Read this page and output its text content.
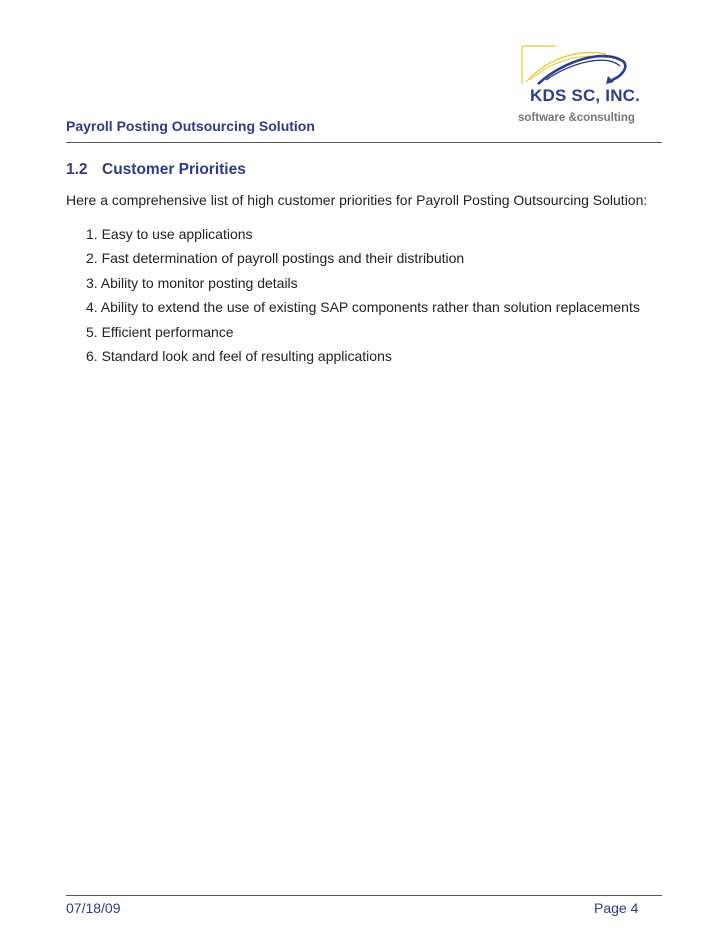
KDS SC, INC.
software &consulting
Payroll Posting Outsourcing Solution
1.2 Customer Priorities
Here a comprehensive list of high customer priorities for Payroll Posting Outsourcing Solution:
1. Easy to use applications
2. Fast determination of payroll postings and their distribution
3. Ability to monitor posting details
4. Ability to extend the use of existing SAP components rather than solution replacements
5. Efficient performance
6. Standard look and feel of resulting applications
07/18/09	Page 4
